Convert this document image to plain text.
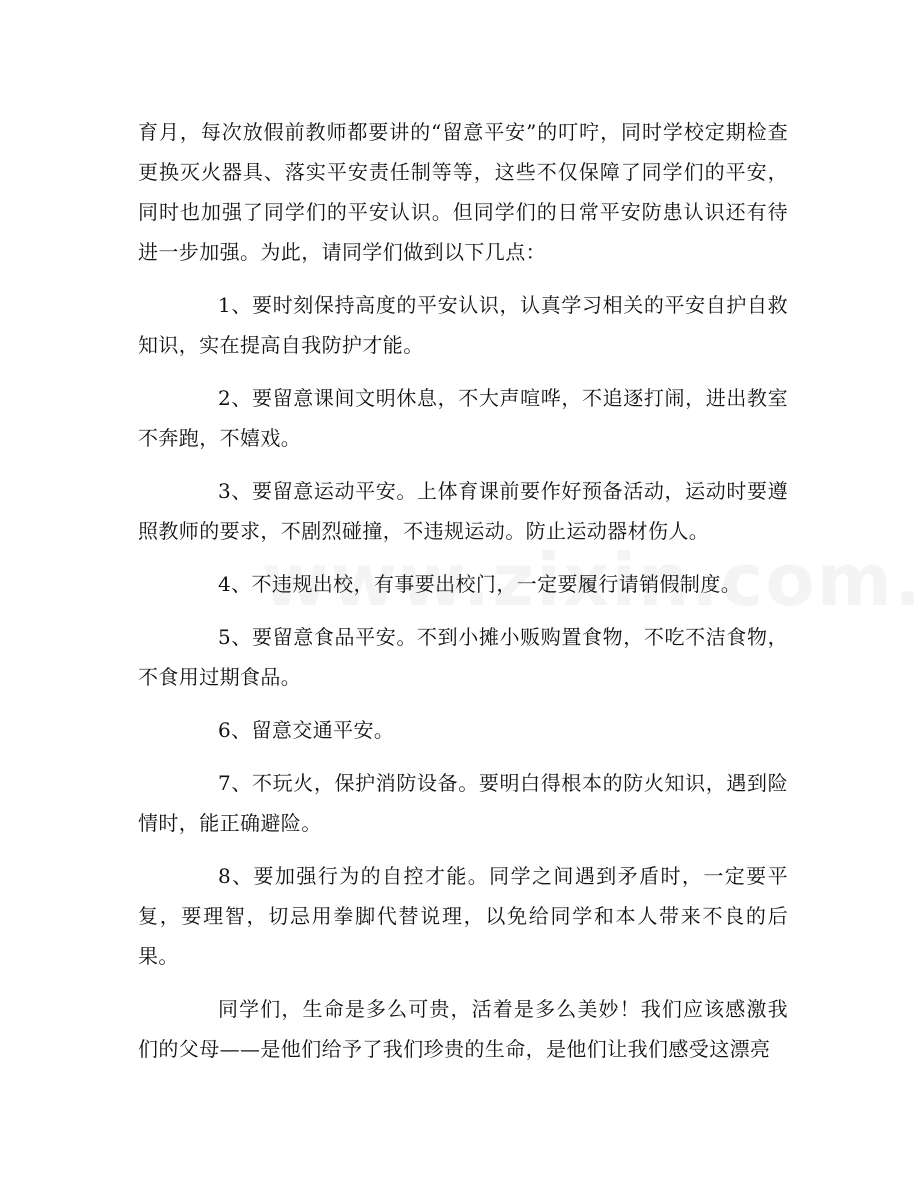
育月，每次放假前教师都要讲的“留意平安”的叮咛，同时学校定期检查更换灭火器具、落实平安责任制等等，这些不仅保障了同学们的平安，同时也加强了同学们的平安认识。但同学们的日常平安防患认识还有待进一步加强。为此，请同学们做到以下几点：

1、要时刻保持高度的平安认识，认真学习相关的平安自护自救知识，实在提高自我防护才能。

2、要留意课间文明休息，不大声喧哗，不追逐打闹，进出教室不奔跑，不嬉戏。

3、要留意运动平安。上体育课前要作好预备活动，运动时要遵照教师的要求，不剧烈碰撞，不违规运动。防止运动器材伤人。

4、不违规出校，有事要出校门，一定要履行请销假制度。

5、要留意食品平安。不到小摊小贩购置食物，不吃不洁食物，不食用过期食品。

6、留意交通平安。

7、不玩火，保护消防设备。要明白得根本的防火知识，遇到险情时，能正确避险。

8、要加强行为的自控才能。同学之间遇到矛盾时，一定要平复，要理智，切忌用拳脚代替说理，以免给同学和本人带来不良的后果。

同学们，生命是多么可贵，活着是多么美妙！我们应该感激我们的父母——是他们给予了我们珍贵的生命，是他们让我们感受这漂亮
